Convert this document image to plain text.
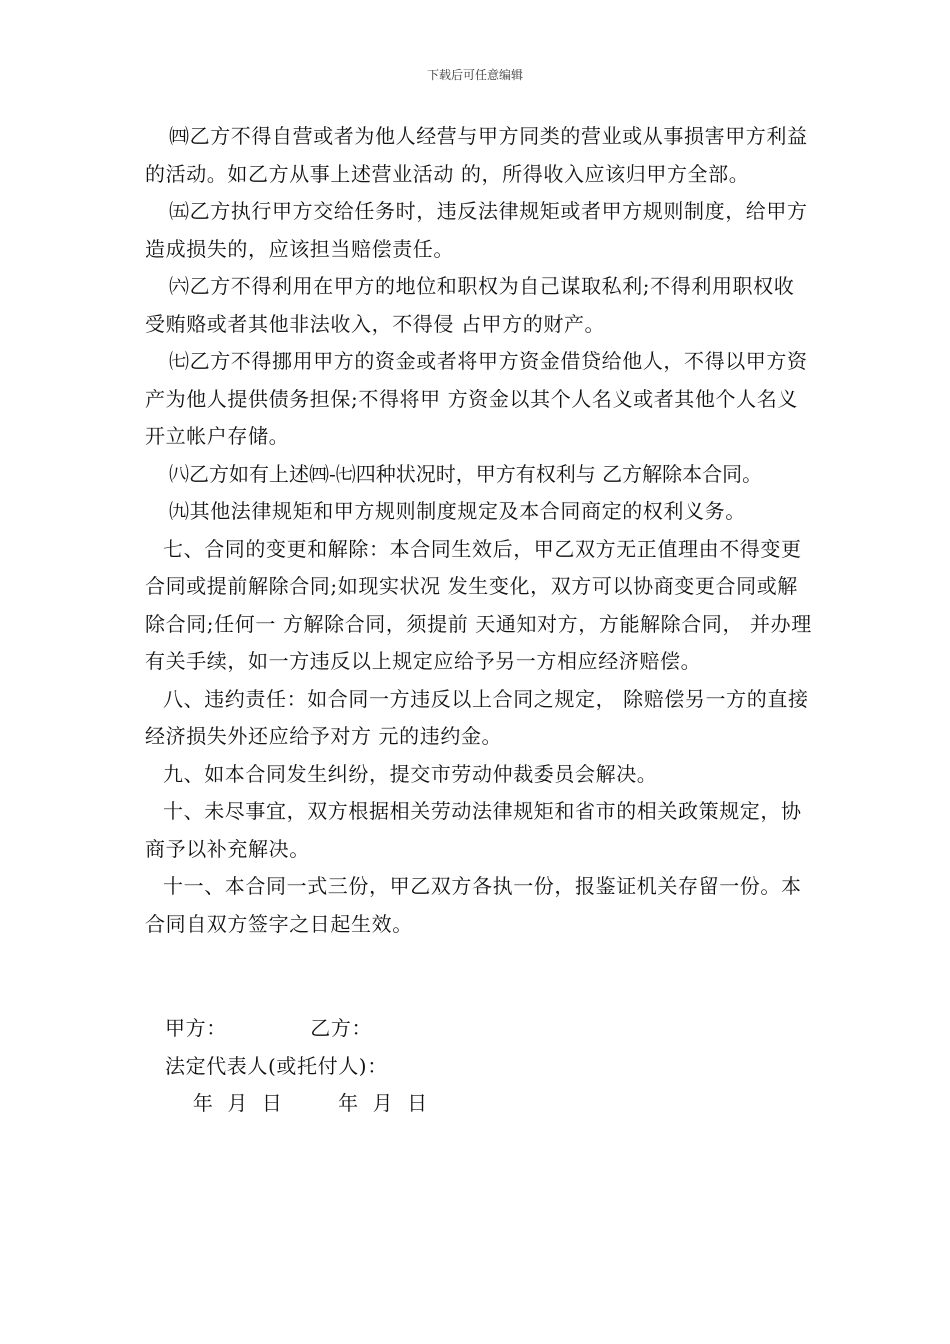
下载后可任意编辑

㈣乙方不得自营或者为他人经营与甲方同类的营业或从事损害甲方利益的活动。如乙方从事上述营业活动 的，所得收入应该归甲方全部。

㈤乙方执行甲方交给任务时，违反法律规矩或者甲方规则制度，给甲方造成损失的，应该担当赔偿责任。

㈥乙方不得利用在甲方的地位和职权为自己谋取私利;不得利用职权收受贿赂或者其他非法收入，不得侵 占甲方的财产。

㈦乙方不得挪用甲方的资金或者将甲方资金借贷给他人，不得以甲方资产为他人提供债务担保;不得将甲 方资金以其个人名义或者其他个人名义开立帐户存储。

㈧乙方如有上述㈣-㈦四种状况时，甲方有权利与 乙方解除本合同。

㈨其他法律规矩和甲方规则制度规定及本合同商定的权利义务。

七、合同的变更和解除：本合同生效后，甲乙双方无正值理由不得变更合同或提前解除合同;如现实状况 发生变化，双方可以协商变更合同或解除合同;任何一 方解除合同，须提前 天通知对方，方能解除合同， 并办理有关手续，如一方违反以上规定应给予另一方相应经济赔偿。

八、违约责任：如合同一方违反以上合同之规定， 除赔偿另一方的直接经济损失外还应给予对方 元的违约金。

九、如本合同发生纠纷，提交市劳动仲裁委员会解决。

十、未尽事宜，双方根据相关劳动法律规矩和省市的相关政策规定，协商予以补充解决。

十一、本合同一式三份，甲乙双方各执一份，报鉴证机关存留一份。本合同自双方签字之日起生效。

甲方：            乙方：
法定代表人(或托付人)：
年  月  日        年  月  日
